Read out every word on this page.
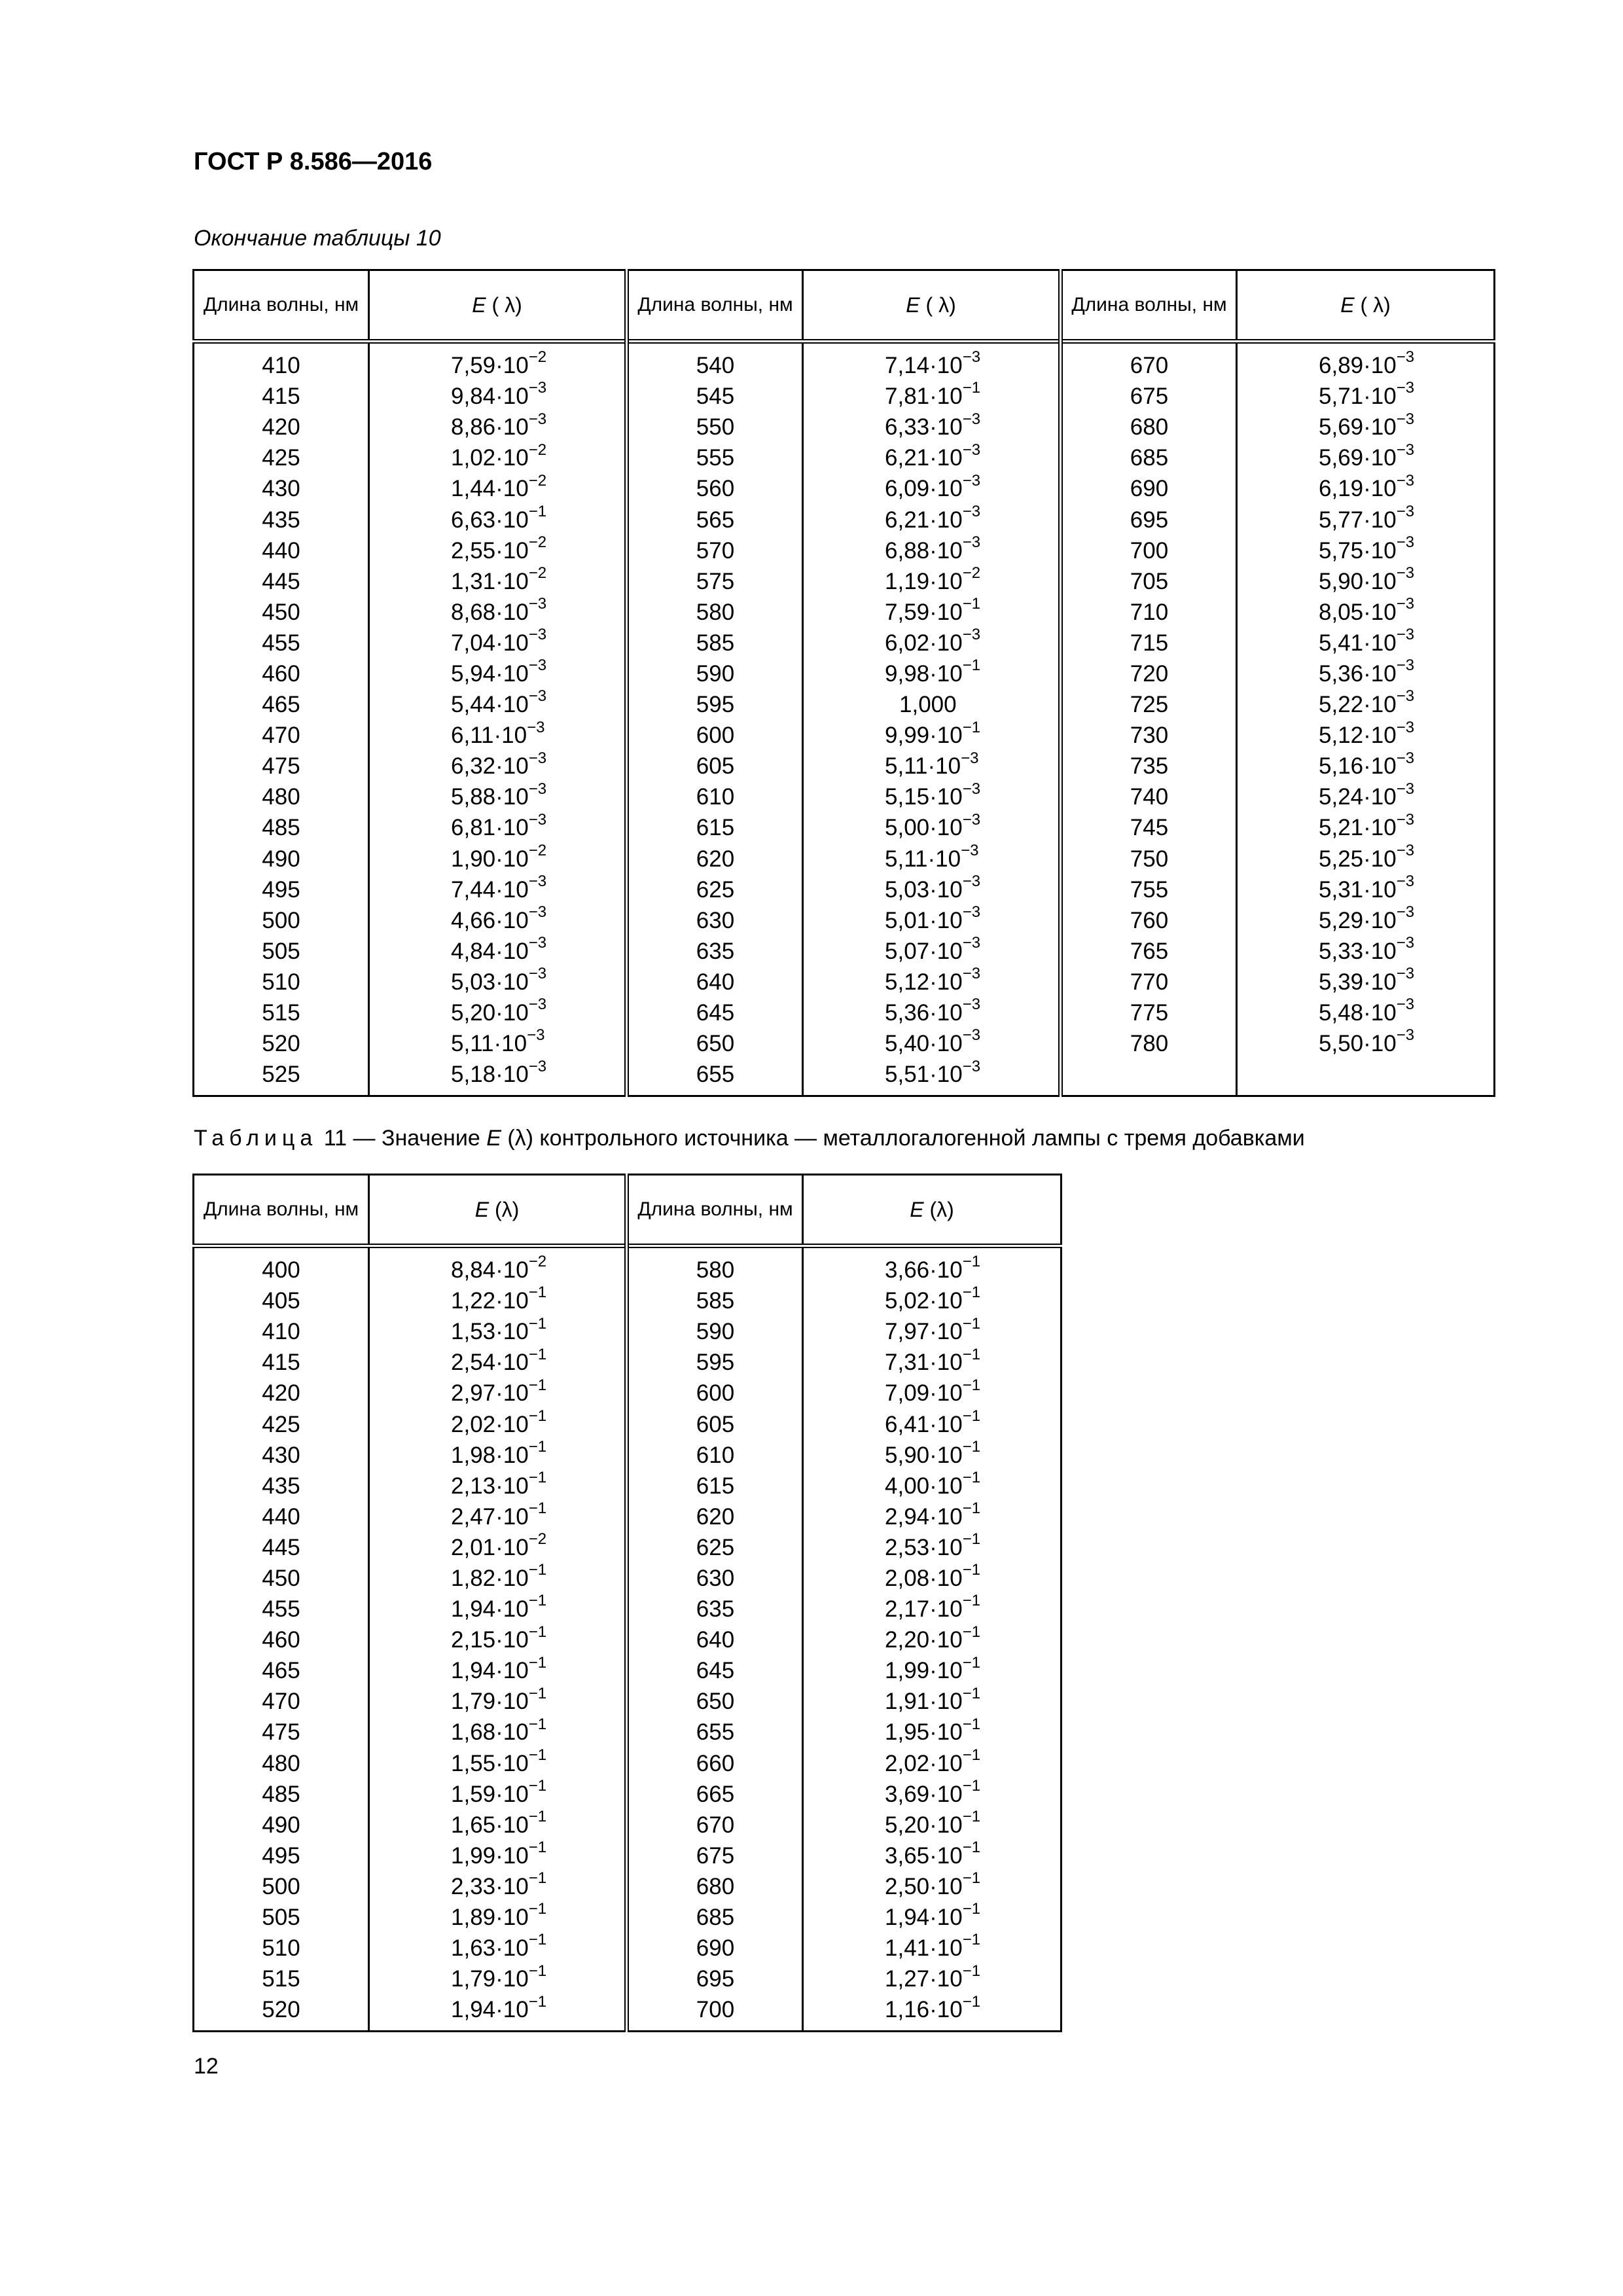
ГОСТ Р 8.586—2016
Окончание таблицы 10
Длина волны, нм	E ( λ)	Длина волны, нм	E ( λ)	Длина волны, нм	E ( λ)
410	$7,59\cdot 10^{-2}$	540	$7,14\cdot 10^{-3}$	670	$6,89\cdot 10^{-3}$
415	$9,84\cdot 10^{-3}$	545	$7,81\cdot 10^{-1}$	675	$5,71\cdot 10^{-3}$
420	$8,86\cdot 10^{-3}$	550	$6,33\cdot 10^{-3}$	680	$5,69\cdot 10^{-3}$
425	$1,02\cdot 10^{-2}$	555	$6,21\cdot 10^{-3}$	685	$5,69\cdot 10^{-3}$
430	$1,44\cdot 10^{-2}$	560	$6,09\cdot 10^{-3}$	690	$6,19\cdot 10^{-3}$
435	$6,63\cdot 10^{-1}$	565	$6,21\cdot 10^{-3}$	695	$5,77\cdot 10^{-3}$
440	$2,55\cdot 10^{-2}$	570	$6,88\cdot 10^{-3}$	700	$5,75\cdot 10^{-3}$
445	$1,31\cdot 10^{-2}$	575	$1,19\cdot 10^{-2}$	705	$5,90\cdot 10^{-3}$
450	$8,68\cdot 10^{-3}$	580	$7,59\cdot 10^{-1}$	710	$8,05\cdot 10^{-3}$
455	$7,04\cdot 10^{-3}$	585	$6,02\cdot 10^{-3}$	715	$5,41\cdot 10^{-3}$
460	$5,94\cdot 10^{-3}$	590	$9,98\cdot 10^{-1}$	720	$5,36\cdot 10^{-3}$
465	$5,44\cdot 10^{-3}$	595	1,000	725	$5,22\cdot 10^{-3}$
470	$6,11\cdot 10^{-3}$	600	$9,99\cdot 10^{-1}$	730	$5,12\cdot 10^{-3}$
475	$6,32\cdot 10^{-3}$	605	$5,11\cdot 10^{-3}$	735	$5,16\cdot 10^{-3}$
480	$5,88\cdot 10^{-3}$	610	$5,15\cdot 10^{-3}$	740	$5,24\cdot 10^{-3}$
485	$6,81\cdot 10^{-3}$	615	$5,00\cdot 10^{-3}$	745	$5,21\cdot 10^{-3}$
490	$1,90\cdot 10^{-2}$	620	$5,11\cdot 10^{-3}$	750	$5,25\cdot 10^{-3}$
495	$7,44\cdot 10^{-3}$	625	$5,03\cdot 10^{-3}$	755	$5,31\cdot 10^{-3}$
500	$4,66\cdot 10^{-3}$	630	$5,01\cdot 10^{-3}$	760	$5,29\cdot 10^{-3}$
505	$4,84\cdot 10^{-3}$	635	$5,07\cdot 10^{-3}$	765	$5,33\cdot 10^{-3}$
510	$5,03\cdot 10^{-3}$	640	$5,12\cdot 10^{-3}$	770	$5,39\cdot 10^{-3}$
515	$5,20\cdot 10^{-3}$	645	$5,36\cdot 10^{-3}$	775	$5,48\cdot 10^{-3}$
520	$5,11\cdot 10^{-3}$	650	$5,40\cdot 10^{-3}$	780	$5,50\cdot 10^{-3}$
525	$5,18\cdot 10^{-3}$	655	$5,51\cdot 10^{-3}$		
Таблица 11 — Значение E (λ) контрольного источника — металлогалогенной лампы с тремя добавками
Длина волны, нм	E (λ)	Длина волны, нм	E (λ)
400	$8,84\cdot 10^{-2}$	580	$3,66\cdot 10^{-1}$
405	$1,22\cdot 10^{-1}$	585	$5,02\cdot 10^{-1}$
410	$1,53\cdot 10^{-1}$	590	$7,97\cdot 10^{-1}$
415	$2,54\cdot 10^{-1}$	595	$7,31\cdot 10^{-1}$
420	$2,97\cdot 10^{-1}$	600	$7,09\cdot 10^{-1}$
425	$2,02\cdot 10^{-1}$	605	$6,41\cdot 10^{-1}$
430	$1,98\cdot 10^{-1}$	610	$5,90\cdot 10^{-1}$
435	$2,13\cdot 10^{-1}$	615	$4,00\cdot 10^{-1}$
440	$2,47\cdot 10^{-1}$	620	$2,94\cdot 10^{-1}$
445	$2,01\cdot 10^{-2}$	625	$2,53\cdot 10^{-1}$
450	$1,82\cdot 10^{-1}$	630	$2,08\cdot 10^{-1}$
455	$1,94\cdot 10^{-1}$	635	$2,17\cdot 10^{-1}$
460	$2,15\cdot 10^{-1}$	640	$2,20\cdot 10^{-1}$
465	$1,94\cdot 10^{-1}$	645	$1,99\cdot 10^{-1}$
470	$1,79\cdot 10^{-1}$	650	$1,91\cdot 10^{-1}$
475	$1,68\cdot 10^{-1}$	655	$1,95\cdot 10^{-1}$
480	$1,55\cdot 10^{-1}$	660	$2,02\cdot 10^{-1}$
485	$1,59\cdot 10^{-1}$	665	$3,69\cdot 10^{-1}$
490	$1,65\cdot 10^{-1}$	670	$5,20\cdot 10^{-1}$
495	$1,99\cdot 10^{-1}$	675	$3,65\cdot 10^{-1}$
500	$2,33\cdot 10^{-1}$	680	$2,50\cdot 10^{-1}$
505	$1,89\cdot 10^{-1}$	685	$1,94\cdot 10^{-1}$
510	$1,63\cdot 10^{-1}$	690	$1,41\cdot 10^{-1}$
515	$1,79\cdot 10^{-1}$	695	$1,27\cdot 10^{-1}$
520	$1,94\cdot 10^{-1}$	700	$1,16\cdot 10^{-1}$
12
